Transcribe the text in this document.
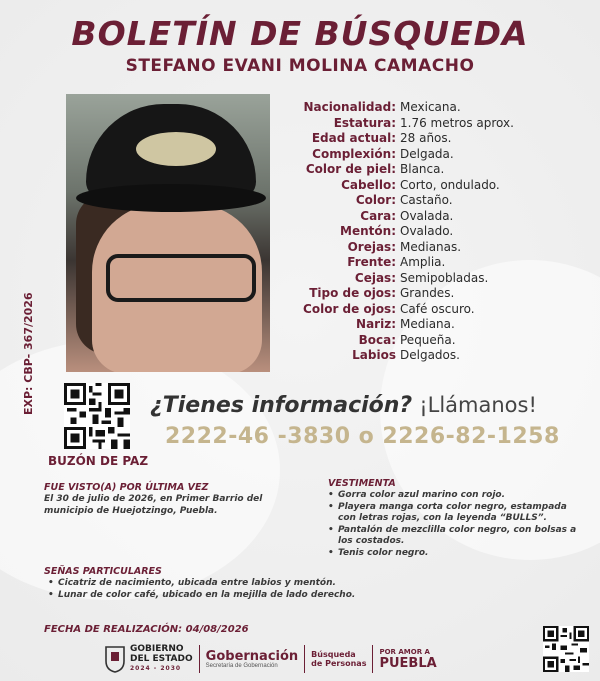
BOLETÍN DE BÚSQUEDA
STEFANO EVANI MOLINA CAMACHO
EXP: CBP- 367/2026
Nacionalidad: Mexicana.
Estatura: 1.76 metros aprox.
Edad actual: 28 años.
Complexión: Delgada.
Color de piel: Blanca.
Cabello: Corto, ondulado.
Color: Castaño.
Cara: Ovalada.
Mentón: Ovalado.
Orejas: Medianas.
Frente: Amplia.
Cejas: Semipobladas.
Tipo de ojos: Grandes.
Color de ojos: Café oscuro.
Nariz: Mediana.
Boca: Pequeña.
Labios Delgados.
BUZÓN DE PAZ
¿Tienes información? ¡Llámanos!
2222-46 -3830 o 2226-82-1258
FUE VISTO(A) POR ÚLTIMA VEZ
El 30 de julio de 2026, en Primer Barrio del municipio de Huejotzingo, Puebla.
VESTIMENTA
• Gorra color azul marino con rojo.
• Playera manga corta color negro, estampada con letras rojas, con la leyenda “BULLS”.
• Pantalón de mezclilla color negro, con bolsas a los costados.
• Tenis color negro.
SEÑAS PARTICULARES
• Cicatriz de nacimiento, ubicada entre labios y mentón.
• Lunar de color café, ubicado en la mejilla de lado derecho.
FECHA DE REALIZACIÓN: 04/08/2026
GOBIERNO
DEL ESTADO
2024 - 2030
Gobernación
Secretaría de Gobernación
Búsqueda
de Personas
POR AMOR A
PUEBLA
